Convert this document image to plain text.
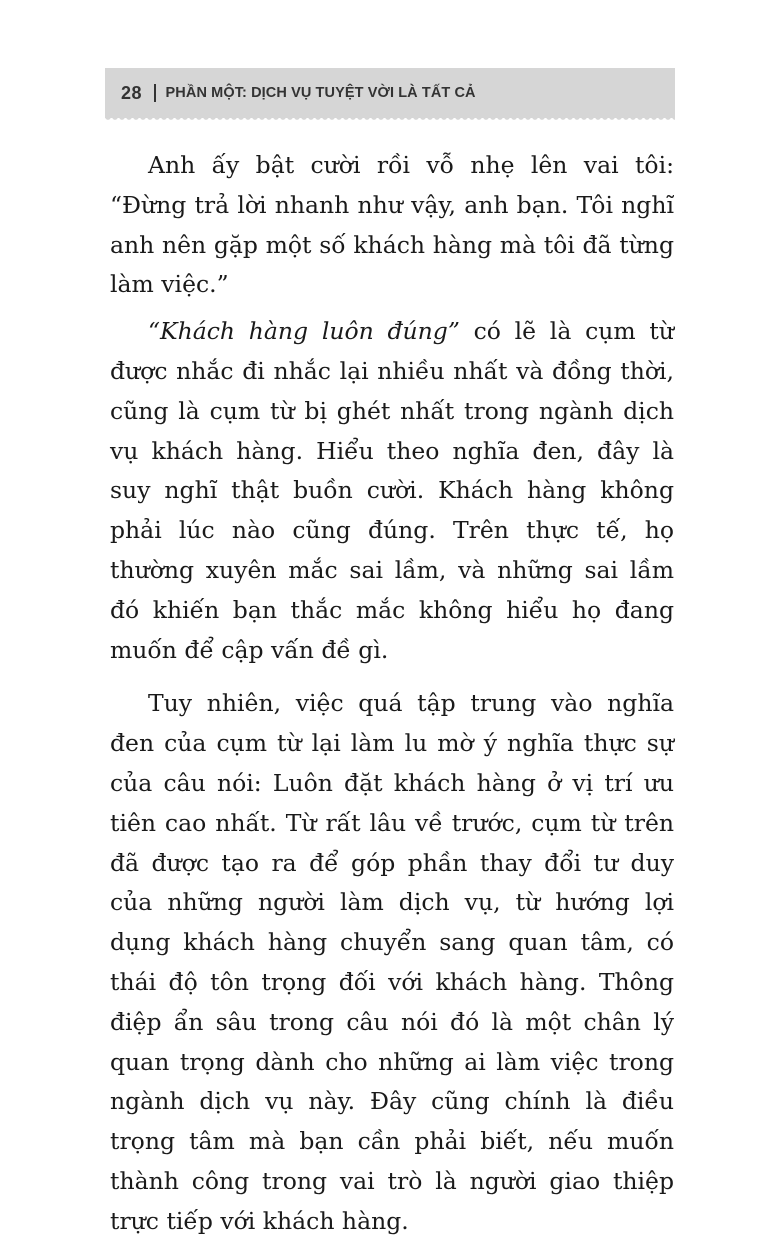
28 PHẦN MỘT: DỊCH VỤ TUYỆT VỜI LÀ TẤT CẢ

Anh ấy bật cười rồi vỗ nhẹ lên vai tôi: “Đừng trả lời nhanh như vậy, anh bạn. Tôi nghĩ anh nên gặp một số khách hàng mà tôi đã từng làm việc.”

“Khách hàng luôn đúng” có lẽ là cụm từ được nhắc đi nhắc lại nhiều nhất và đồng thời, cũng là cụm từ bị ghét nhất trong ngành dịch vụ khách hàng. Hiểu theo nghĩa đen, đây là suy nghĩ thật buồn cười. Khách hàng không phải lúc nào cũng đúng. Trên thực tế, họ thường xuyên mắc sai lầm, và những sai lầm đó khiến bạn thắc mắc không hiểu họ đang muốn để cập vấn đề gì.

Tuy nhiên, việc quá tập trung vào nghĩa đen của cụm từ lại làm lu mờ ý nghĩa thực sự của câu nói: Luôn đặt khách hàng ở vị trí ưu tiên cao nhất. Từ rất lâu về trước, cụm từ trên đã được tạo ra để góp phần thay đổi tư duy của những người làm dịch vụ, từ hướng lợi dụng khách hàng chuyển sang quan tâm, có thái độ tôn trọng đối với khách hàng. Thông điệp ẩn sâu trong câu nói đó là một chân lý quan trọng dành cho những ai làm việc trong ngành dịch vụ này. Đây cũng chính là điều trọng tâm mà bạn cần phải biết, nếu muốn thành công trong vai trò là người giao thiệp trực tiếp với khách hàng.
